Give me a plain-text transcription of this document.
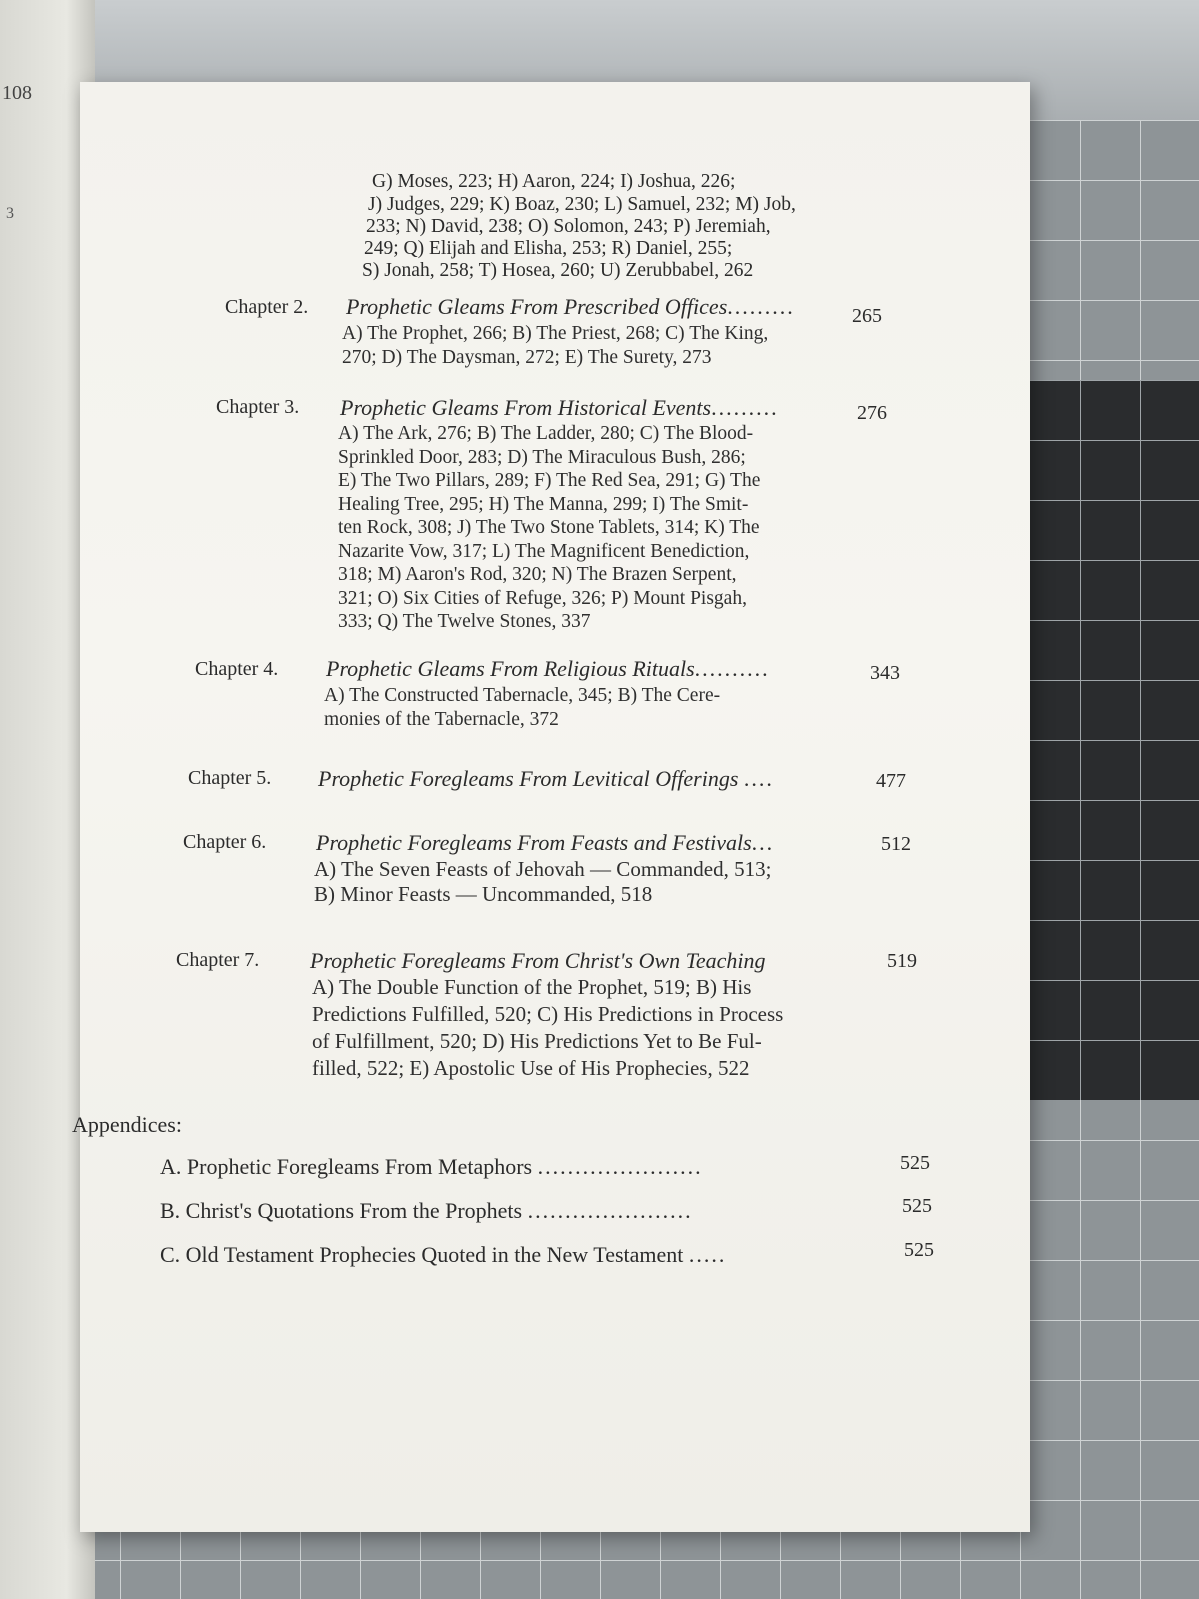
108
3
G) Moses, 223; H) Aaron, 224; I) Joshua, 226;
J) Judges, 229; K) Boaz, 230; L) Samuel, 232; M) Job,
233; N) David, 238; O) Solomon, 243; P) Jeremiah,
249; Q) Elijah and Elisha, 253; R) Daniel, 255;
S) Jonah, 258; T) Hosea, 260; U) Zerubbabel, 262
Chapter 2. Prophetic Gleams From Prescribed Offices.........	265
A) The Prophet, 266; B) The Priest, 268; C) The King,
270; D) The Daysman, 272; E) The Surety, 273
Chapter 3. Prophetic Gleams From Historical Events.........	276
A) The Ark, 276; B) The Ladder, 280; C) The Blood-
Sprinkled Door, 283; D) The Miraculous Bush, 286;
E) The Two Pillars, 289; F) The Red Sea, 291; G) The
Healing Tree, 295; H) The Manna, 299; I) The Smit-
ten Rock, 308; J) The Two Stone Tablets, 314; K) The
Nazarite Vow, 317; L) The Magnificent Benediction,
318; M) Aaron's Rod, 320; N) The Brazen Serpent,
321; O) Six Cities of Refuge, 326; P) Mount Pisgah,
333; Q) The Twelve Stones, 337
Chapter 4. Prophetic Gleams From Religious Rituals..........	343
A) The Constructed Tabernacle, 345; B) The Cere-
monies of the Tabernacle, 372
Chapter 5. Prophetic Foregleams From Levitical Offerings ....	477
Chapter 6. Prophetic Foregleams From Feasts and Festivals...	512
A) The Seven Feasts of Jehovah — Commanded, 513;
B) Minor Feasts — Uncommanded, 518
Chapter 7. Prophetic Foregleams From Christ's Own Teaching	519
A) The Double Function of the Prophet, 519; B) His
Predictions Fulfilled, 520; C) His Predictions in Process
of Fulfillment, 520; D) His Predictions Yet to Be Ful-
filled, 522; E) Apostolic Use of His Prophecies, 522
Appendices:
A. Prophetic Foregleams From Metaphors ......................	525
B. Christ's Quotations From the Prophets ......................	525
C. Old Testament Prophecies Quoted in the New Testament .....	525
